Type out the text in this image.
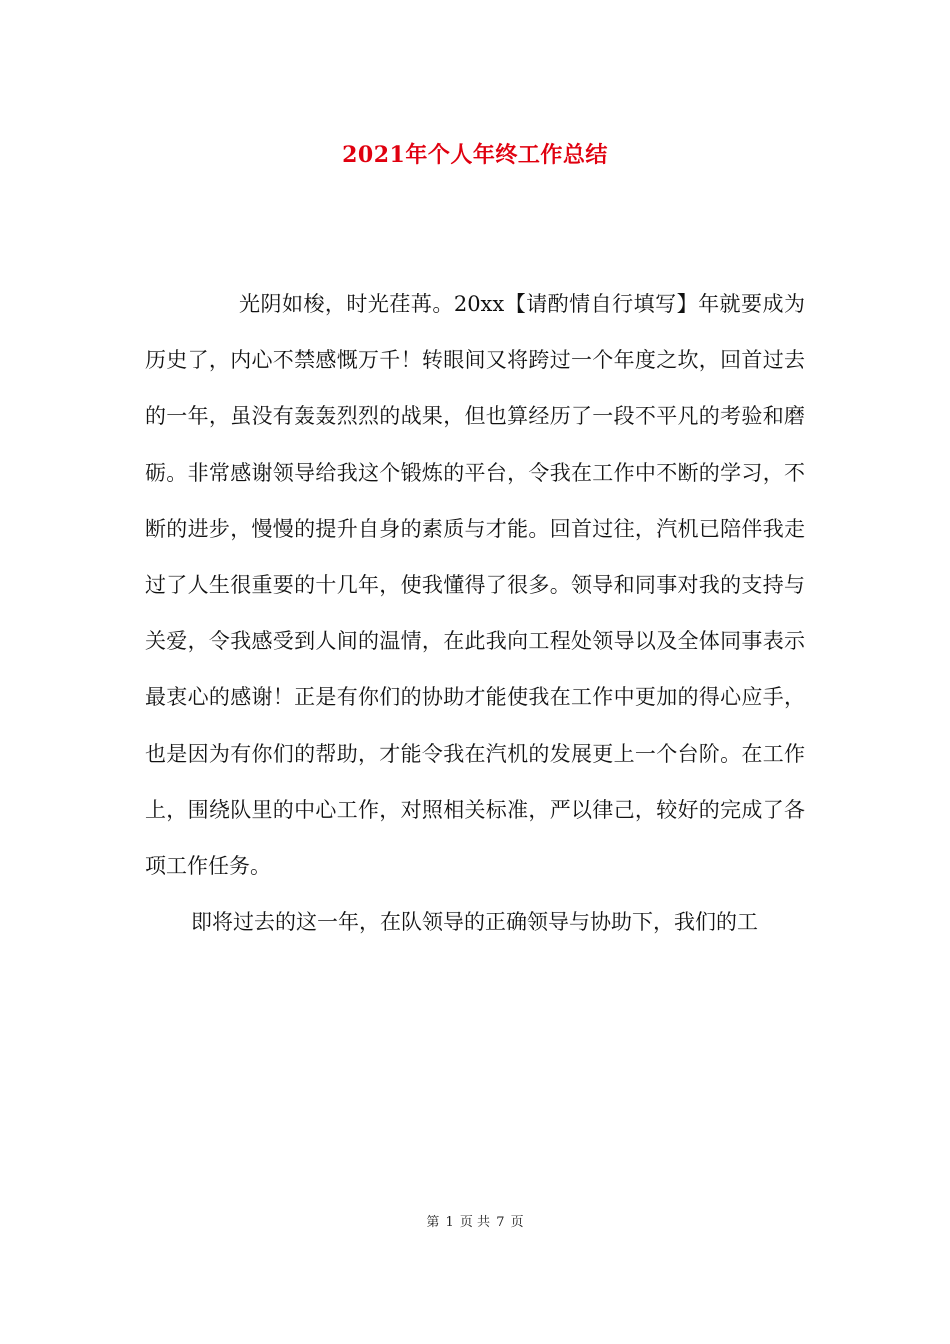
2021年个人年终工作总结

光阴如梭，时光荏苒。20xx【请酌情自行填写】年就要成为历史了，内心不禁感慨万千！转眼间又将跨过一个年度之坎，回首过去的一年，虽没有轰轰烈烈的战果，但也算经历了一段不平凡的考验和磨砺。非常感谢领导给我这个锻炼的平台，令我在工作中不断的学习，不断的进步，慢慢的提升自身的素质与才能。回首过往，汽机已陪伴我走过了人生很重要的十几年，使我懂得了很多。领导和同事对我的支持与关爱，令我感受到人间的温情，在此我向工程处领导以及全体同事表示最衷心的感谢！正是有你们的协助才能使我在工作中更加的得心应手，也是因为有你们的帮助，才能令我在汽机的发展更上一个台阶。在工作上，围绕队里的中心工作，对照相关标准，严以律己，较好的完成了各项工作任务。

即将过去的这一年，在队领导的正确领导与协助下，我们的工

第 1 页 共 7 页
